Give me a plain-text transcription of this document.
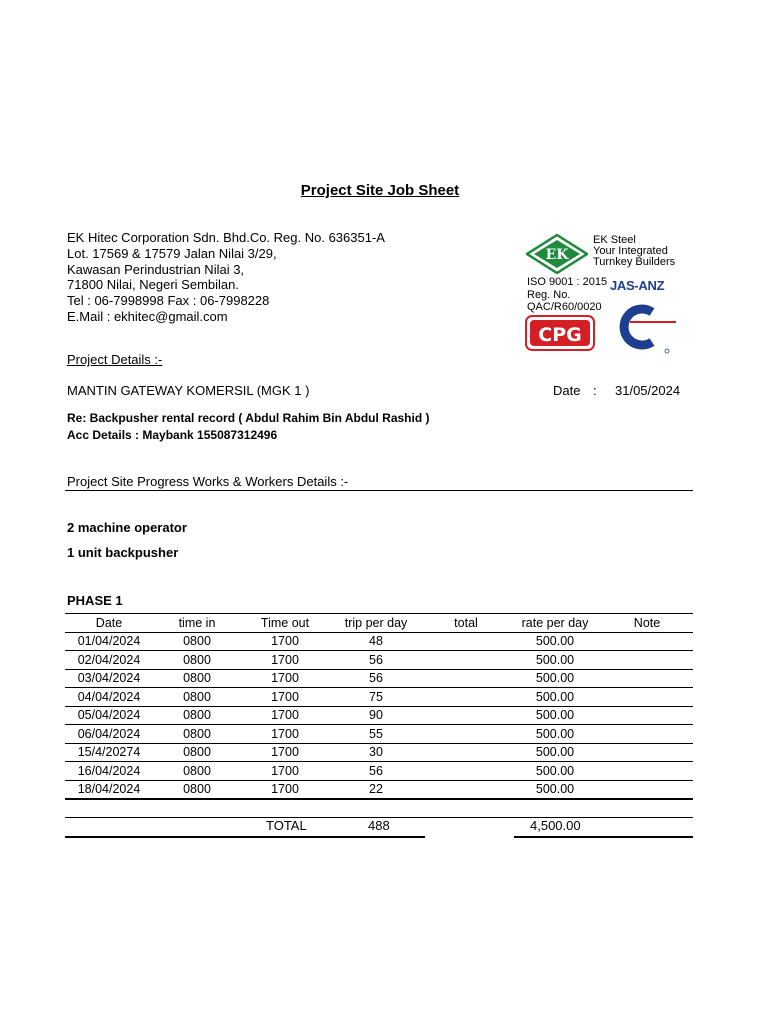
Project Site Job Sheet
EK Hitec Corporation Sdn. Bhd.Co. Reg. No. 636351-A
Lot. 17569 & 17579 Jalan Nilai 3/29,
Kawasan Perindustrian Nilai 3,
71800 Nilai, Negeri Sembilan.
Tel : 06-7998998 Fax : 06-7998228
E.Mail : ekhitec@gmail.com
EK
EK Steel
Your Integrated
Turnkey Builders
ISO 9001 : 2015
Reg. No.
QAC/R60/0020
JAS-ANZ
CPG
Project Details :-
MANTIN GATEWAY KOMERSIL (MGK 1 )	Date : 31/05/2024
Re: Backpusher rental record ( Abdul Rahim Bin Abdul Rashid )
Acc Details : Maybank 155087312496
Project Site Progress Works & Workers Details :-
2 machine operator
1 unit backpusher
PHASE 1
Date	time in	Time out	trip per day	total	rate per day	Note
01/04/2024	0800	1700	48		500.00	
02/04/2024	0800	1700	56		500.00	
03/04/2024	0800	1700	56		500.00	
04/04/2024	0800	1700	75		500.00	
05/04/2024	0800	1700	90		500.00	
06/04/2024	0800	1700	55		500.00	
15/4/20274	0800	1700	30		500.00	
16/04/2024	0800	1700	56		500.00	
18/04/2024	0800	1700	22		500.00	
TOTAL	488	4,500.00
